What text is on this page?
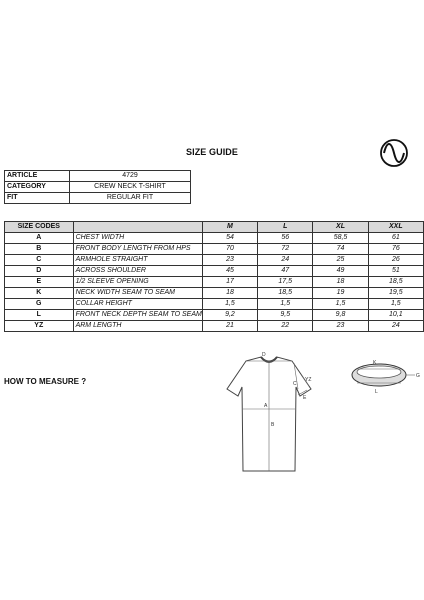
SIZE GUIDE
ARTICLE	4729
CATEGORY	CREW NECK T-SHIRT
FIT	REGULAR FIT
SIZE CODES		M	L	XL	XXL
A	CHEST WIDTH	54	56	58,5	61
B	FRONT BODY LENGTH FROM HPS	70	72	74	76
C	ARMHOLE STRAIGHT	23	24	25	26
D	ACROSS SHOULDER	45	47	49	51
E	1/2 SLEEVE OPENING	17	17,5	18	18,5
K	NECK WIDTH SEAM TO SEAM	18	18,5	19	19,5
G	COLLAR HEIGHT	1,5	1,5	1,5	1,5
L	FRONT NECK DEPTH SEAM TO SEAM	9,2	9,5	9,8	10,1
YZ	ARM LENGTH	21	22	23	24
HOW TO MEASURE ?
D
C
YZ
A
E
B
K
G
L
